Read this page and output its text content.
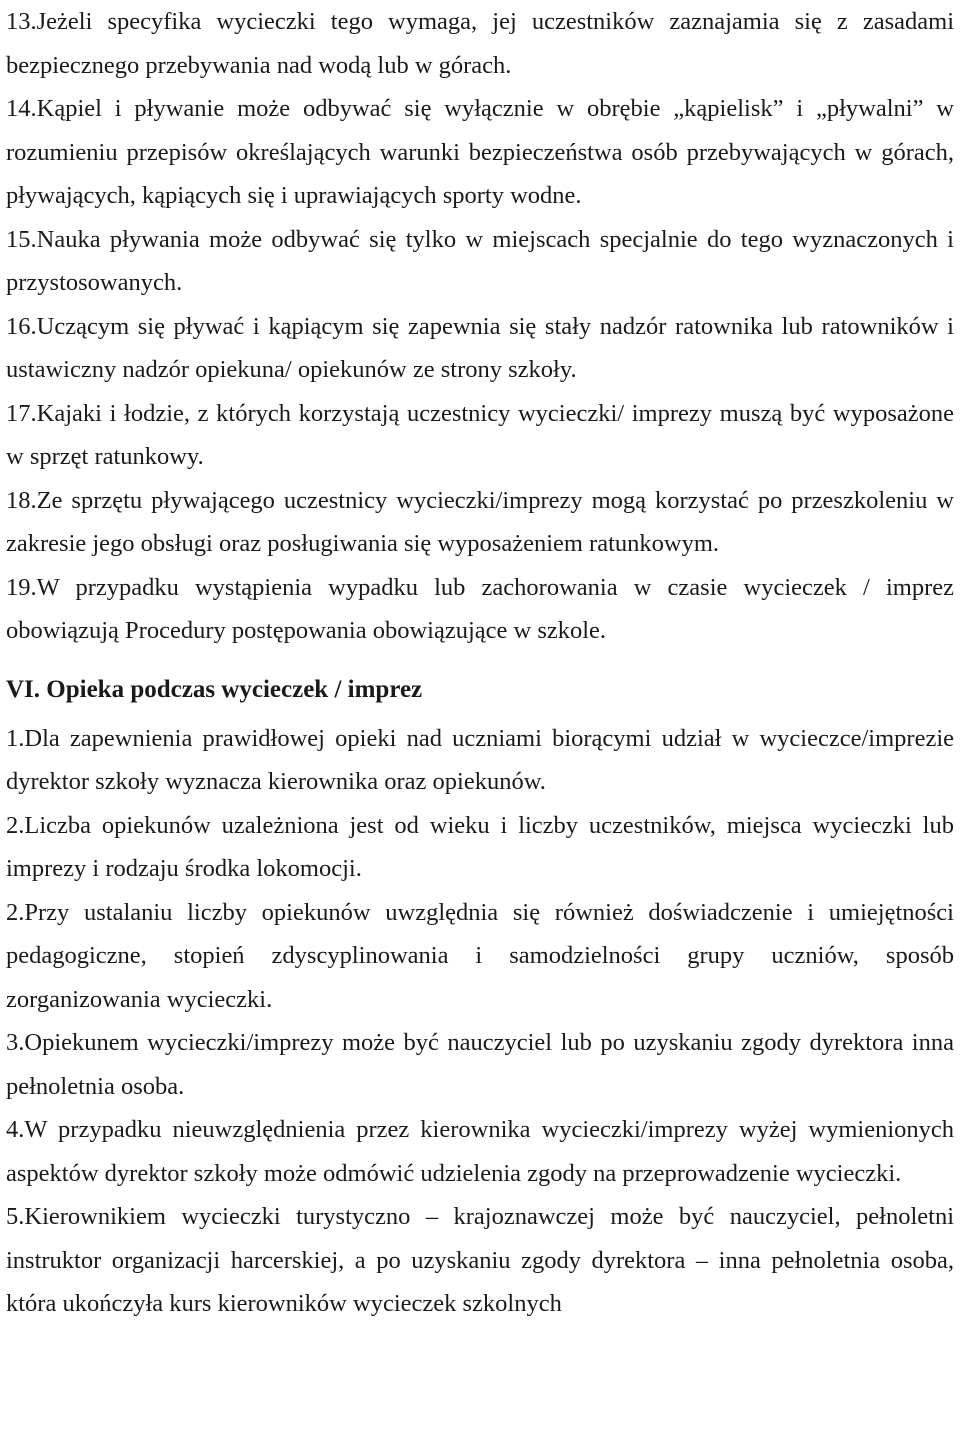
13.Jeżeli specyfika wycieczki tego wymaga, jej uczestników zaznajamia się z zasadami bezpiecznego przebywania nad wodą lub w górach.

14.Kąpiel i pływanie może odbywać się wyłącznie w obrębie „kąpielisk” i „pływalni” w rozumieniu przepisów określających warunki bezpieczeństwa osób przebywających w górach, pływających, kąpiących się i uprawiających sporty wodne.

15.Nauka pływania może odbywać się tylko w miejscach specjalnie do tego wyznaczonych i przystosowanych.

16.Uczącym się pływać i kąpiącym się zapewnia się stały nadzór ratownika lub ratowników i ustawiczny nadzór opiekuna/ opiekunów ze strony szkoły.

17.Kajaki i łodzie, z których korzystają uczestnicy wycieczki/ imprezy muszą być wyposażone w sprzęt ratunkowy.

18.Ze sprzętu pływającego uczestnicy wycieczki/imprezy mogą korzystać po przeszkoleniu w zakresie jego obsługi oraz posługiwania się wyposażeniem ratunkowym.

19.W przypadku wystąpienia wypadku lub zachorowania w czasie wycieczek / imprez obowiązują Procedury postępowania obowiązujące w szkole.

VI. Opieka podczas wycieczek / imprez

1.Dla zapewnienia prawidłowej opieki nad uczniami biorącymi udział w wycieczce/imprezie dyrektor szkoły wyznacza kierownika oraz opiekunów.

2.Liczba opiekunów uzależniona jest od wieku i liczby uczestników, miejsca wycieczki lub imprezy i rodzaju środka lokomocji.

2.Przy ustalaniu liczby opiekunów uwzględnia się również doświadczenie i umiejętności pedagogiczne, stopień zdyscyplinowania i samodzielności grupy uczniów, sposób zorganizowania wycieczki.

3.Opiekunem wycieczki/imprezy może być nauczyciel lub po uzyskaniu zgody dyrektora inna pełnoletnia osoba.

4.W przypadku nieuwzględnienia przez kierownika wycieczki/imprezy wyżej wymienionych aspektów dyrektor szkoły może odmówić udzielenia zgody na przeprowadzenie wycieczki.

5.Kierownikiem wycieczki turystyczno – krajoznawczej może być nauczyciel, pełnoletni instruktor organizacji harcerskiej, a po uzyskaniu zgody dyrektora – inna pełnoletnia osoba, która ukończyła kurs kierowników wycieczek szkolnych
